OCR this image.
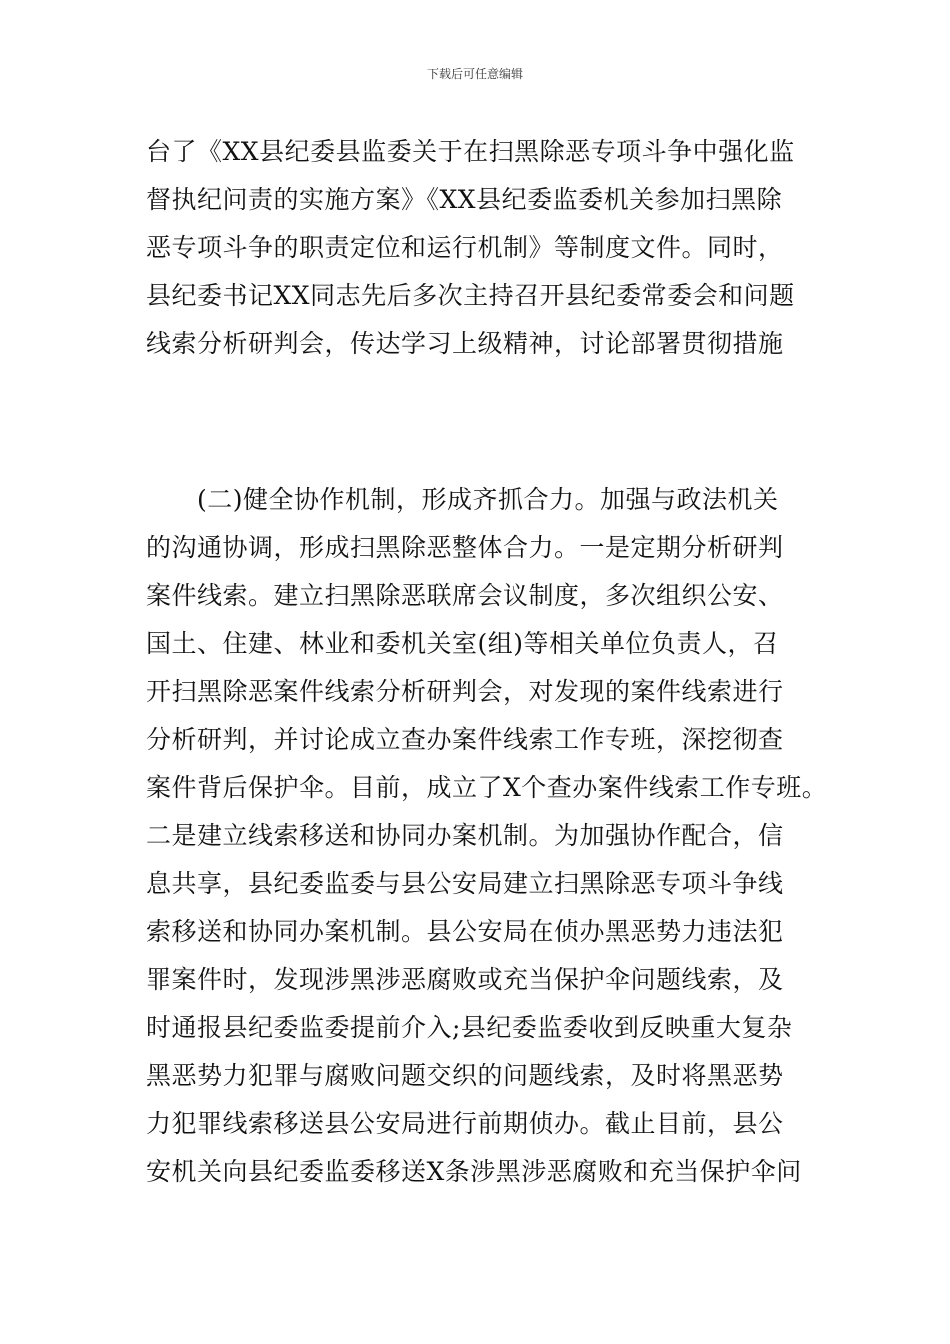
下载后可任意编辑
台了《XX县纪委县监委关于在扫黑除恶专项斗争中强化监
督执纪问责的实施方案》《XX县纪委监委机关参加扫黑除
恶专项斗争的职责定位和运行机制》等制度文件。同时，
县纪委书记XX同志先后多次主持召开县纪委常委会和问题
线索分析研判会，传达学习上级精神，讨论部署贯彻措施
　　(二)健全协作机制，形成齐抓合力。加强与政法机关
的沟通协调，形成扫黑除恶整体合力。一是定期分析研判
案件线索。建立扫黑除恶联席会议制度，多次组织公安、
国土、住建、林业和委机关室(组)等相关单位负责人，召
开扫黑除恶案件线索分析研判会，对发现的案件线索进行
分析研判，并讨论成立查办案件线索工作专班，深挖彻查
案件背后保护伞。目前，成立了X个查办案件线索工作专班。
二是建立线索移送和协同办案机制。为加强协作配合，信
息共享，县纪委监委与县公安局建立扫黑除恶专项斗争线
索移送和协同办案机制。县公安局在侦办黑恶势力违法犯
罪案件时，发现涉黑涉恶腐败或充当保护伞问题线索，及
时通报县纪委监委提前介入;县纪委监委收到反映重大复杂
黑恶势力犯罪与腐败问题交织的问题线索，及时将黑恶势
力犯罪线索移送县公安局进行前期侦办。截止目前，县公
安机关向县纪委监委移送X条涉黑涉恶腐败和充当保护伞问
